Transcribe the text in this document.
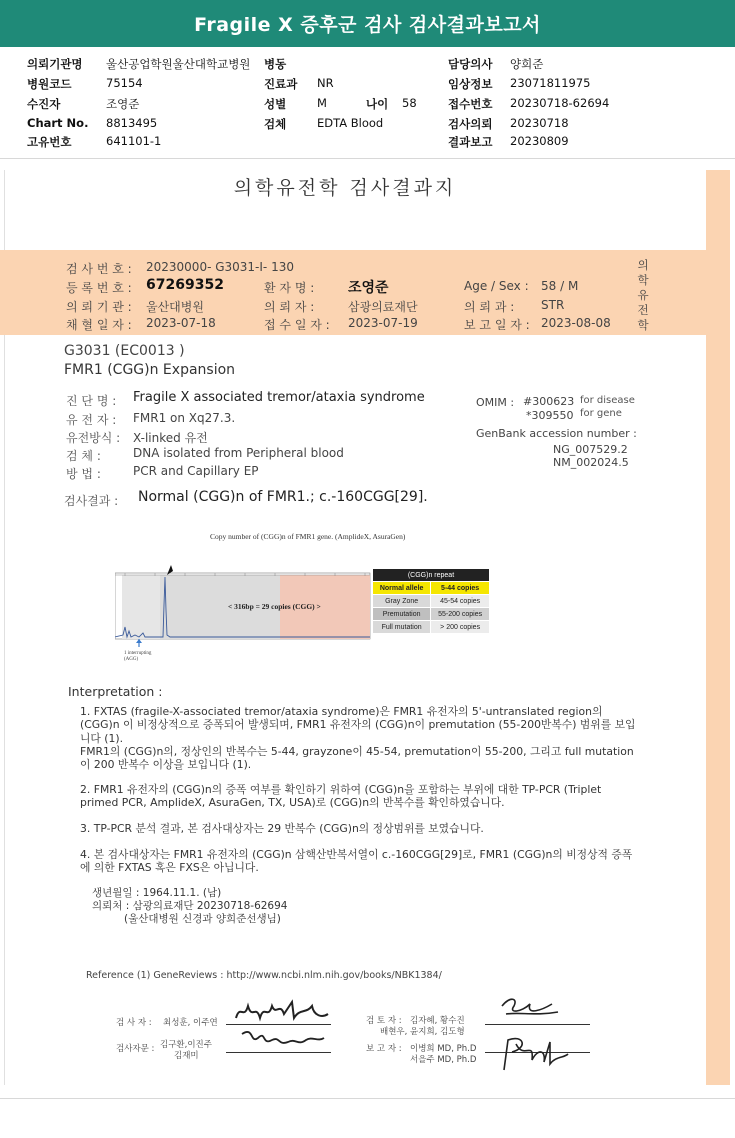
Fragile X 증후군 검사 검사결과보고서
의뢰기관명 울산공업학원울산대학교병원 병동	담당의사 양희준
병원코드	75154	진료과 NR	임상정보 23071811975
수진자	조영준	성별	M	나이 58	접수번호 20230718-62694
Chart No. 8813495	검체	EDTA Blood	검사의뢰 20230718
고유번호	641101-1	결과보고 20230809
의학유전학 검사결과지
의학유전학
검 사 번 호 : 20230000- G3031-I- 130
등 록 번 호 : 67269352	환 자 명 : 조영준	Age / Sex : 58 / M
의 뢰 기 관 : 울산대병원	의 뢰 자 :	삼광의료재단	의 뢰 과 : STR
채 혈 일 자 : 2023-07-18	접 수 일 자 : 2023-07-19	보 고 일 자 : 2023-08-08
G3031 (EC0013 )
FMR1 (CGG)n Expansion
진 단 명 : Fragile X associated tremor/ataxia syndrome
유 전 자 : FMR1 on Xq27.3.
유전방식 : X-linked 유전
검 체 :	DNA isolated from Peripheral blood
방 법 :	PCR and Capillary EP
OMIM : #300623 for disease
*309550 for gene
GenBank accession number :
NG_007529.2
NM_002024.5
검사결과 : Normal (CGG)n of FMR1.; c.-160CGG[29].
Copy number of (CGG)n of FMR1 gene. (AmplideX, AsuraGen)
< 316bp = 29 copies (CGG) >
1 interrupting (AGG)
(CGG)n repeat	
Normal allele	5-44 copies
Gray Zone	45-54 copies
Premutation	55-200 copies
Full mutation	> 200 copies
Interpretation :
1. FXTAS (fragile-X-associated tremor/ataxia syndrome)은 FMR1 유전자의 5'-untranslated region의 (CGG)n 이 비정상적으로 증폭되어 발생되며, FMR1 유전자의 (CGG)n이 premutation (55-200반복수) 범위를 보입니다 (1).
FMR1의 (CGG)n의, 정상인의 반복수는 5-44, grayzone이 45-54, premutation이 55-200, 그리고 full mutation이 200 반복수 이상을 보입니다 (1).
2. FMR1 유전자의 (CGG)n의 증폭 여부를 확인하기 위하여 (CGG)n을 포함하는 부위에 대한 TP-PCR (Triplet primed PCR, AmplideX, AsuraGen, TX, USA)로 (CGG)n의 반복수를 확인하였습니다.
3. TP-PCR 분석 결과, 본 검사대상자는 29 반복수 (CGG)n의 정상범위를 보였습니다.
4. 본 검사대상자는 FMR1 유전자의 (CGG)n 삼핵산반복서열이 c.-160CGG[29]로, FMR1 (CGG)n의 비정상적 증폭에 의한 FXTAS 혹은 FXS은 아닙니다.
생년월일 : 1964.11.1. (남)
의뢰처 : 삼광의료재단 20230718-62694
(울산대병원 신경과 양희준선생님)
Reference (1) GeneReviews : http://www.ncbi.nlm.nih.gov/books/NBK1384/
검 사 자 : 최성훈, 이주연
검사자문 : 김구환,이진주
김재미
검 토 자 : 김자혜, 황수진
배현우, 윤지희, 김도형
보 고 자 : 이병희 MD, Ph.D
서을주 MD, Ph.D
